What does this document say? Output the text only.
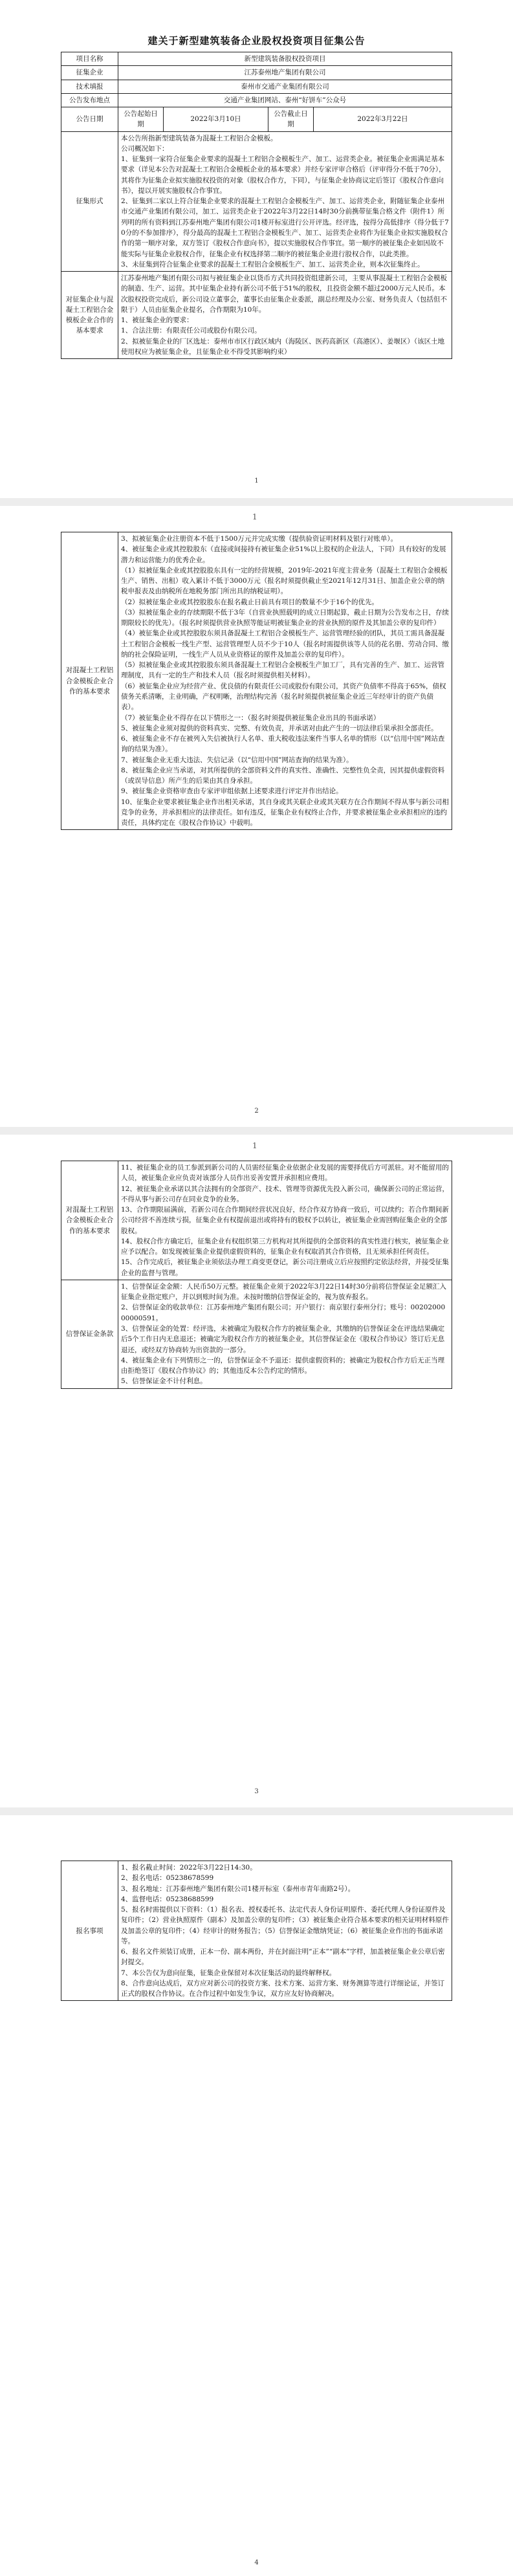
建关于新型建筑装备企业股权投资项目征集公告
项目名称	新型建筑装备股权投资项目			
征集企业	江苏泰州地产集团有限公司			
技术填报	泰州市交通产业集团有限公司			
公告发布地点	交通产业集团网站、泰州“好饼车”公众号			
公告日期	公告起始日期	2022年3月10日	公告截止日期	2022年3月22日
征集形式	本公告所指新型建筑装备为混凝土工程铝合金模板。
公司概况如下：
1、征集到一家符合征集企业要求的混凝土工程铝合金模板生产、加工、运营类企业。被征集企业需满足基本要求（详见本公告对混凝土工程铝合金模板企业的基本要求）并经专家评审合格后（评审得分不低于70分），其将作为征集企业拟实施股权投资的对象（股权合作方，下同），与征集企业协商议定后签订《股权合作意向书》，提以开展实施股权合作事宜。
2、征集到二家以上符合征集企业要求的混凝土工程铝合金模板生产、加工、运营类企业，附随征集企业泰州市交通产业集团有限公司，加工、运营类企业于2022年3月22日14时30分前携带征集合格文件（附件1）所列明的所有资料到江苏泰州地产集团有限公司1楼开标室进行公开评选。经评选，按得分高低排序（得分低于70分的不参加排序），得分最高的混凝土工程铝合金模板生产、加工、运营类企业将作为征集企业拟实施股权合作的第一顺序对象，双方签订《股权合作意向书》，提以实施股权合作事宜。第一顺序的被征集企业如因故不能实际与征集企业股权合作，征集企业有权选择第二顺序的被征集企业进行股权合作，以此类推。
3、未征集到符合征集企业要求的混凝土工程铝合金模板生产、加工、运营类企业，则本次征集终止。			

对征集企业与混凝土工程铝合金模板企业合作的基本要求	江苏泰州地产集团有限公司拟与被征集企业以货币方式共同投资组建新公司，主要从事混凝土工程铝合金模板的制造、生产、运营。其中征集企业持有新公司不低于51%的股权，且投资金额不超过2000万元人民币。本次股权投资完成后，新公司设立董事会，董事长由征集企业委派，副总经理及办公室、财务负责人（包括但不限于）人员由征集企业提名，合作期限为10年。
1、被征集企业的要求：
1、合法注册：有限责任公司或股份有限公司。
2、拟被征集企业的厂区选址：泰州市市区行政区域内（海陵区、医药高新区（高港区）、姜堰区）（该区土地使用权应为被征集企业，且征集企业不得受其影响约束）			
1
1
对混凝土工程铝合金模板企业合作的基本要求	
3、拟被征集企业注册资本不低于1500万元并完成实缴（提供验资证明材料及银行对账单）。
4、被征集企业或其控股股东（直接或间接持有被征集企业51%以上股权的企业法人，下同）具有较好的发展潜力和运营能力的优秀企业。
（1）拟被征集企业或其控股股东具有一定的经营规模，2019年-2021年度主营业务（混凝土工程铝合金模板生产、销售、出租）收入累计不低于3000万元（报名时须提供截止至2021年12月31日、加盖企业公章的纳税申报表及由纳税所在地税务部门所出具的纳税证明）。
（2）拟被征集企业或其控股股东在报名截止日前具有项目的数量不少于16个的优先。
（3）拟被征集企业的存续期限不低于3年（自营业执照载明的成立日期起算，截止日期为公告发布之日，存续期限较长的优先）。（报名时须提供营业执照等能证明被征集企业的营业执照的原件及其加盖公章的复印件）
（4）被征集企业或其控股股东须具备混凝土工程铝合金模板生产、运营管理经验的团队，其员工需具备混凝土工程铝合金模板一线生产型、运营管理型人员不少于10人（报名时需提供该等人员的花名册、劳动合同、缴纳的社会保险证明，一线生产人员从业资格证的原件及加盖公章的复印件）。
（5）拟被征集企业或其控股股东须具备混凝土工程铝合金模板生产加工厂，具有完善的生产、加工、运营管理制度，具有一定的生产和技术人员（报名时须提供相关材料）。
（6）被征集企业应为经营产业、优良债的有限责任公司或股份有限公司，其资产负债率不得高于65%，债权债务关系清晰，主业明确，产权明晰，治理结构完善（报名时须提供被征集企业近三年经审计的资产负债表）。
（7）被征集企业不得存在以下情形之一：（报名时须提供被征集企业出具的书面承诺）
5、被征集企业须对提供的资料真实、完整、有效负责，并承诺对由此产生的一切法律后果承担全部责任。
6、被征集企业不存在被列入失信被执行人名单、重大税收违法案件当事人名单的情形（以“信用中国”网站查询的结果为准）。
7、被征集企业无重大违法、失信记录（以“信用中国”网站查询的结果为准）。
8、被征集企业应当承诺，对其所提供的全部资料文件的真实性、准确性、完整性负全责，因其提供虚假资料（或误导信息）所产生的后果由其自身承担。
9、被征集企业资格审查由专家评审组依据上述要求进行评定并作出结论。
10、征集企业要求被征集企业作出相关承诺，其自身或其关联企业或其关联方在合作期间不得从事与新公司相竞争的业务，并承担相应的法律责任。如有违反，征集企业有权终止合作，并要求被征集企业承担相应的违约责任，具体约定在《股权合作协议》中载明。
2
1
对混凝土工程铝合金模板企业合作的基本要求	11、被征集企业的员工参派到新公司的人员需经征集企业依据企业发展的需要择优后方可派驻。对不能留用的人员，被征集企业应负责对该部分人员作出妥善安置并承担相应费用。
12、被征集企业承诺以其合法拥有的全部资产、技术、管理等资源优先投入新公司，确保新公司的正常运营，不得从事与新公司存在同业竞争的业务。
13、合作期限届满前，若新公司在合作期间经营状况良好，经合作双方协商一致后，可以续约；若合作期间新公司经营不善连续亏损，征集企业有权提前退出或将持有的股权予以转让，被征集企业需回购征集企业的全部股权。
14、股权合作方确定后，征集企业有权组织第三方机构对其所提供的全部资料的真实性进行核实，被征集企业应予以配合。如发现被征集企业提供虚假资料的，征集企业有权取消其合作资格，且无须承担任何责任。
15、合作完成后，被征集企业须依法办理工商变更登记，新公司注册成立后应按照约定依法经营，并接受征集企业的监督与管理。

信誉保证金条款	1、信誉保证金金额：人民币50万元整。被征集企业须于2022年3月22日14时30分前将信誉保证金足额汇入征集企业指定账户，并以到账时间为准。未按时缴纳信誉保证金的，视为放弃报名。
2、信誉保证金的收款单位：江苏泰州地产集团有限公司；开户银行：南京银行泰州分行；账号：0020200000000591。
3、信誉保证金的处置：经评选，未被确定为股权合作方的被征集企业，其缴纳的信誉保证金在评选结果确定后5个工作日内无息退还；被确定为股权合作方的被征集企业，其信誉保证金在《股权合作协议》签订后无息退还，或经双方协商转为出资款的一部分。
4、被征集企业有下列情形之一的，信誉保证金不予退还：提供虚假资料的；被确定为股权合作方后无正当理由拒绝签订《股权合作协议》的；其他违反本公告约定的情形。
5、信誉保证金不计付利息。
3
报名事项	
1、报名截止时间：2022年3月22日14:30。
2、报名电话：05238678599
3、报名地址：江苏泰州地产集团有限公司1楼开标室（泰州市青年南路2号）。
4、监督电话：05238688599
5、报名时需提供以下资料：（1）报名表、授权委托书、法定代表人身份证明原件、委托代理人身份证原件及复印件；（2）营业执照原件（副本）及加盖公章的复印件；（3）被征集企业符合基本要求的相关证明材料原件及加盖公章的复印件；（4）经审计的财务报告；（5）信誉保证金缴纳凭证；（6）被征集企业作出的书面承诺等。
6、报名文件须装订成册，正本一份、副本两份，并在封面注明“正本”“副本”字样，加盖被征集企业公章后密封提交。
7、本公告仅为意向征集，征集企业保留对本次征集活动的最终解释权。
8、合作意向达成后，双方应对新公司的投资方案、技术方案、运营方案、财务测算等进行详细论证，并签订正式的股权合作协议。在合作过程中如发生争议，双方应友好协商解决。
4
